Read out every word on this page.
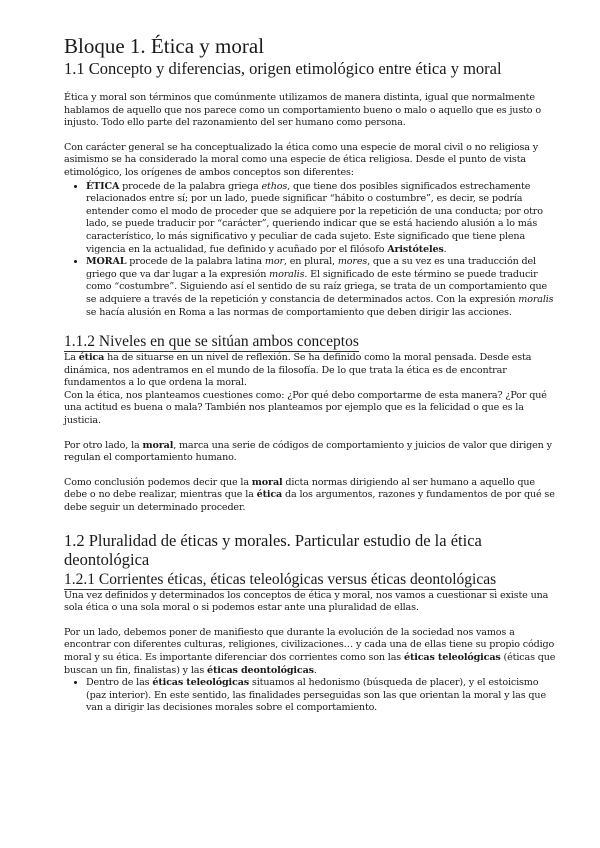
Bloque 1. Ética y moral
1.1 Concepto y diferencias, origen etimológico entre ética y moral

Ética y moral son términos que comúnmente utilizamos de manera distinta, igual que normalmente hablamos de aquello que nos parece como un comportamiento bueno o malo o aquello que es justo o injusto. Todo ello parte del razonamiento del ser humano como persona.

Con carácter general se ha conceptualizado la ética como una especie de moral civil o no religiosa y asimismo se ha considerado la moral como una especie de ética religiosa. Desde el punto de vista etimológico, los orígenes de ambos conceptos son diferentes:

• ÉTICA procede de la palabra griega ethos, que tiene dos posibles significados estrechamente relacionados entre sí; por un lado, puede significar “hábito o costumbre”, es decir, se podría entender como el modo de proceder que se adquiere por la repetición de una conducta; por otro lado, se puede traducir por “carácter”, queriendo indicar que se está haciendo alusión a lo más característico, lo más significativo y peculiar de cada sujeto. Este significado que tiene plena vigencia en la actualidad, fue definido y acuñado por el filósofo Aristóteles.
• MORAL procede de la palabra latina mor, en plural, mores, que a su vez es una traducción del griego que va dar lugar a la expresión moralis. El significado de este término se puede traducir como “costumbre”. Siguiendo así el sentido de su raíz griega, se trata de un comportamiento que se adquiere a través de la repetición y constancia de determinados actos. Con la expresión moralis se hacía alusión en Roma a las normas de comportamiento que deben dirigir las acciones.
1.1.2 Niveles en que se sitúan ambos conceptos

La ética ha de situarse en un nivel de reflexión. Se ha definido como la moral pensada. Desde esta dinámica, nos adentramos en el mundo de la filosofía. De lo que trata la ética es de encontrar fundamentos a lo que ordena la moral.

Con la ética, nos planteamos cuestiones como: ¿Por qué debo comportarme de esta manera? ¿Por qué una actitud es buena o mala? También nos planteamos por ejemplo que es la felicidad o que es la justicia.

Por otro lado, la moral, marca una serie de códigos de comportamiento y juicios de valor que dirigen y regulan el comportamiento humano.

Como conclusión podemos decir que la moral dicta normas dirigiendo al ser humano a aquello que debe o no debe realizar, mientras que la ética da los argumentos, razones y fundamentos de por qué se debe seguir un determinado proceder.

1.2 Pluralidad de éticas y morales. Particular estudio de la ética deontológica
1.2.1 Corrientes éticas, éticas teleológicas versus éticas deontológicas

Una vez definidos y determinados los conceptos de ética y moral, nos vamos a cuestionar si existe una sola ética o una sola moral o si podemos estar ante una pluralidad de ellas.

Por un lado, debemos poner de manifiesto que durante la evolución de la sociedad nos vamos a encontrar con diferentes culturas, religiones, civilizaciones… y cada una de ellas tiene su propio código moral y su ética. Es importante diferenciar dos corrientes como son las éticas teleológicas (éticas que buscan un fin, finalistas) y las éticas deontológicas.

• Dentro de las éticas teleológicas situamos al hedonismo (búsqueda de placer), y el estoicismo (paz interior). En este sentido, las finalidades perseguidas son las que orientan la moral y las que van a dirigir las decisiones morales sobre el comportamiento.
